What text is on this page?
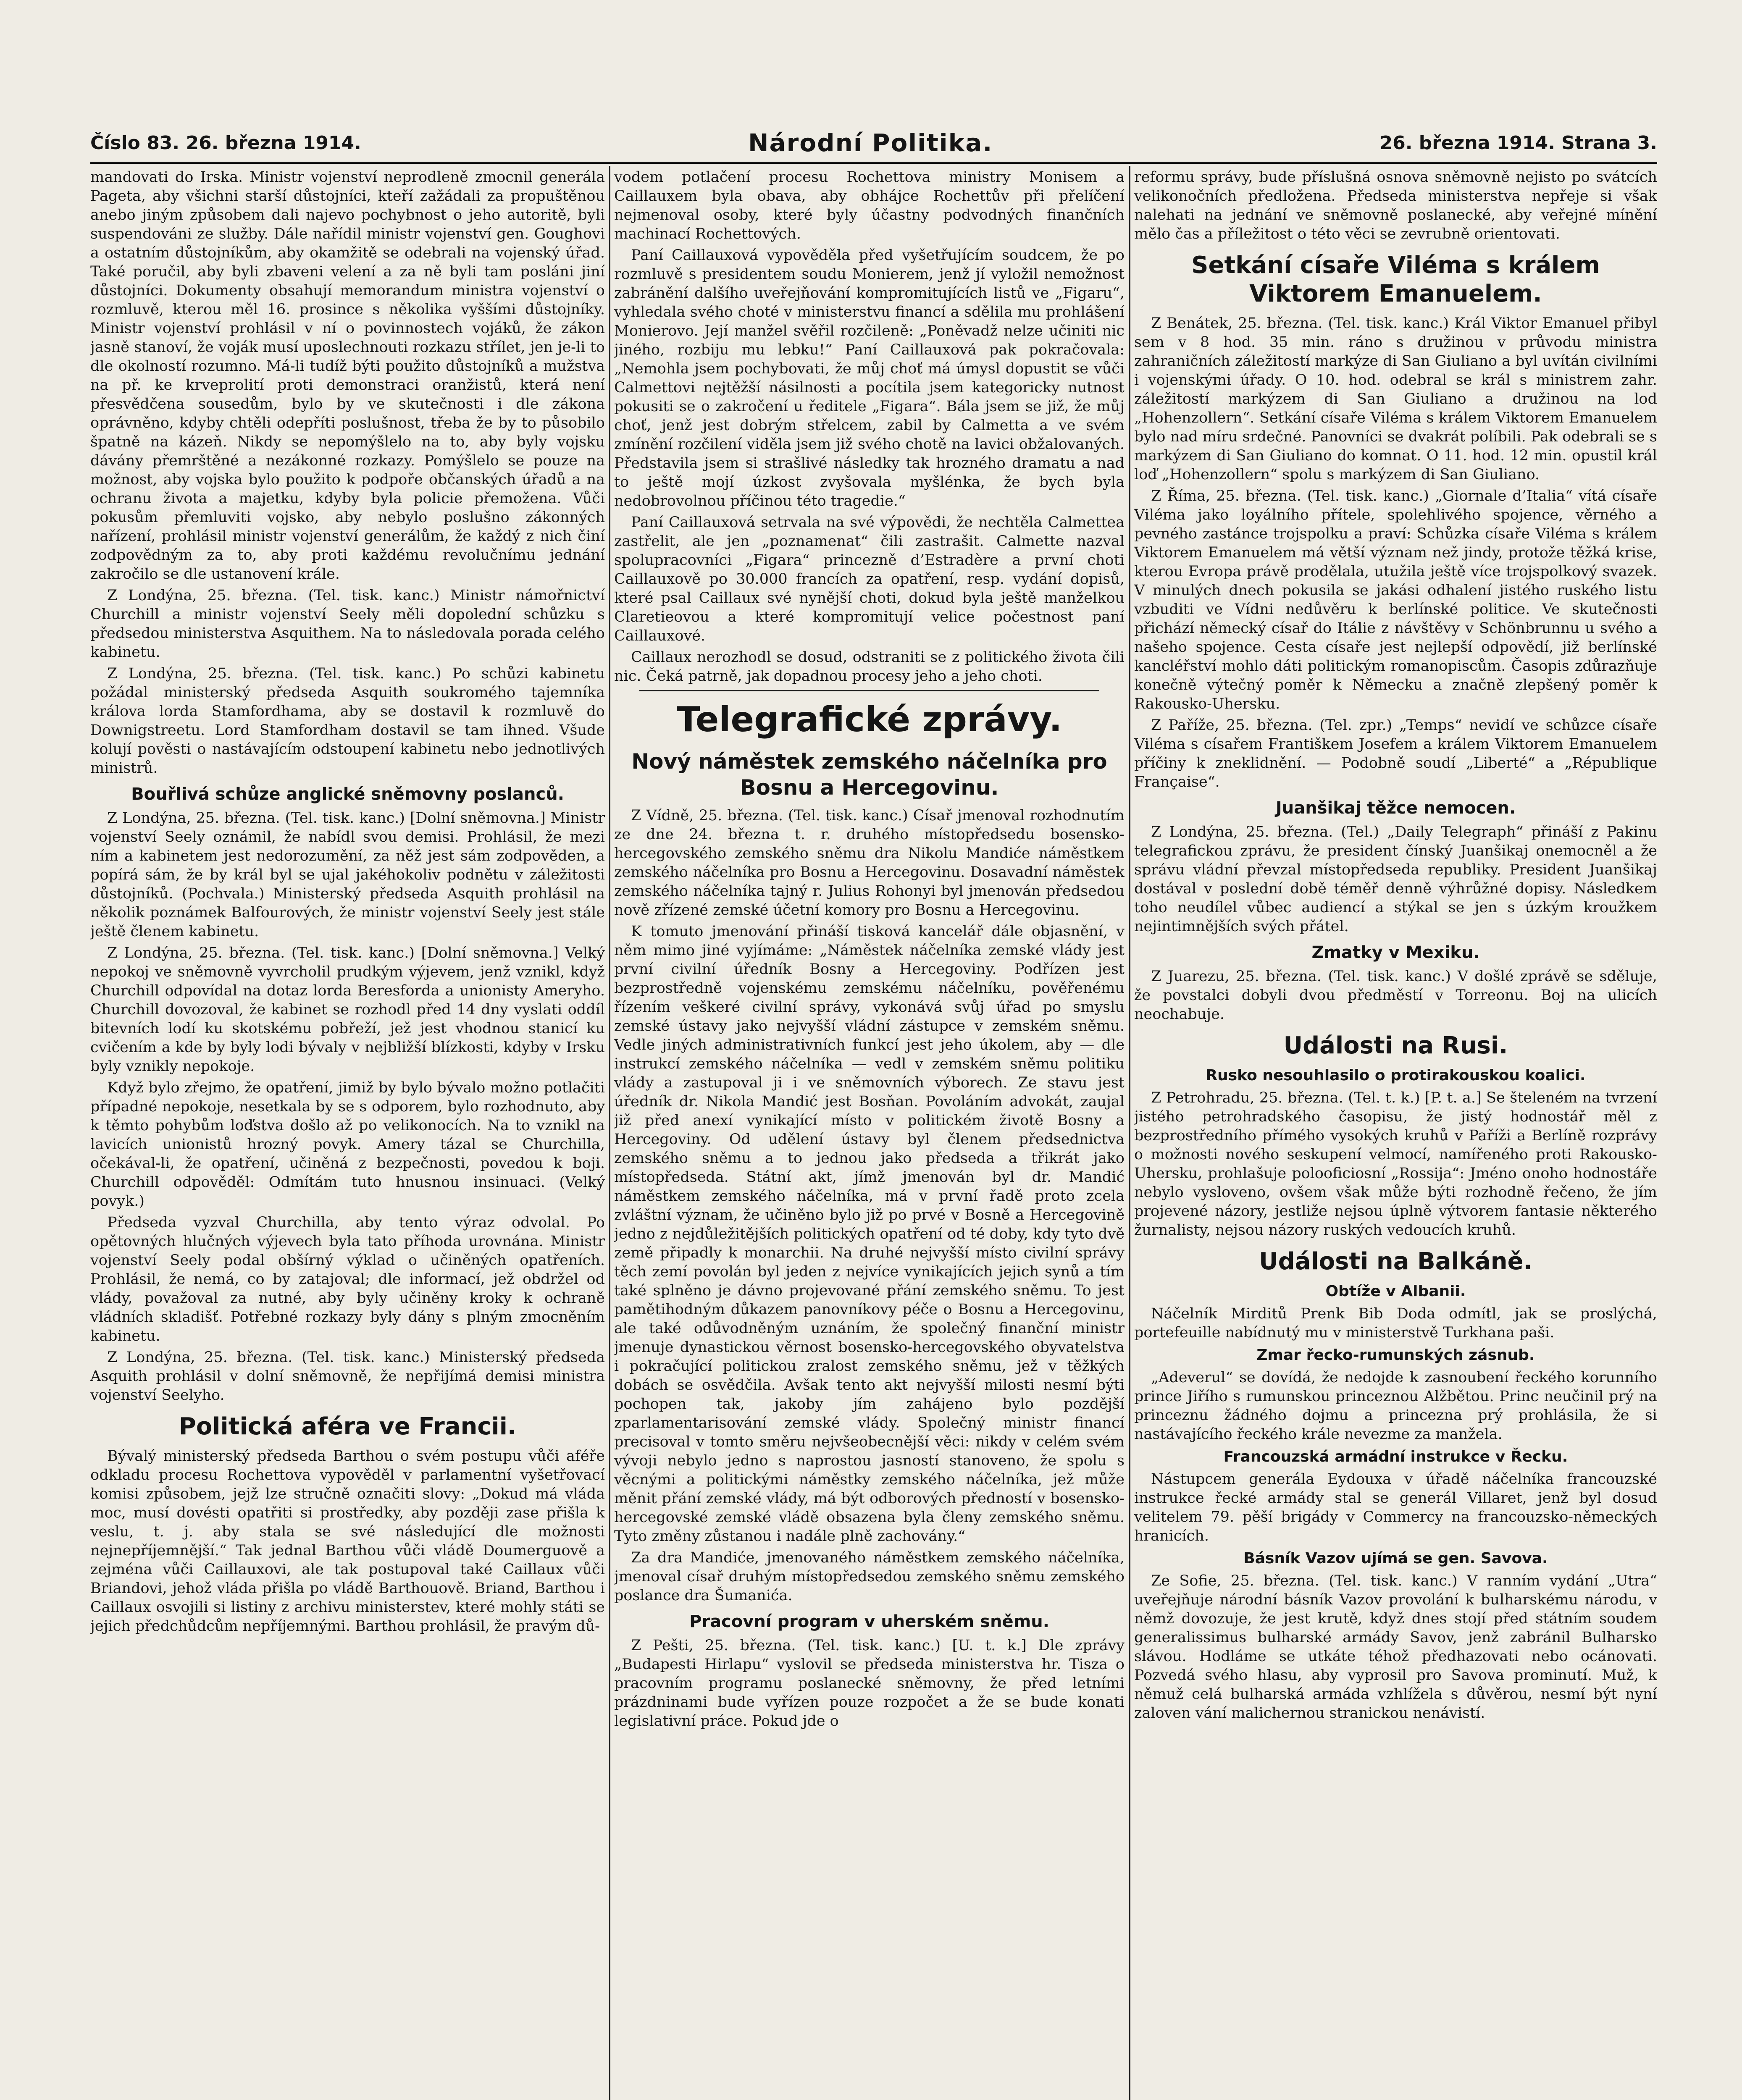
Číslo 83. 26. března 1914.	Národní Politika.	26. března 1914. Strana 3.

mandovati do Irska. Ministr vojenství neprodleně zmocnil generála Pageta, aby všichni starší důstojníci, kteří zažádali za propuštěnou anebo jiným způsobem dali najevo pochybnost o jeho autoritě, byli suspendováni ze služby. Dále nařídil ministr vojenství gen. Goughovi a ostatním důstojníkům, aby okamžitě se odebrali na vojenský úřad. Také poručil, aby byli zbaveni velení a za ně byli tam posláni jiní důstojníci. Dokumenty obsahují memorandum ministra vojenství o rozmluvě, kterou měl 16. prosince s několika vyššími důstojníky. Ministr vojenství prohlásil v ní o povinnostech vojáků, že zákon jasně stanoví, že voják musí uposlechnouti rozkazu střílet, jen je-li to dle okolností rozumno. Má-li tudíž býti použito důstojníků a mužstva na př. ke krveprolití proti demonstraci oranžistů, která není přesvědčena sousedům, bylo by ve skutečnosti i dle zákona oprávněno, kdyby chtěli odepříti poslušnost, třeba že by to působilo špatně na kázeň. Nikdy se nepomýšlelo na to, aby byly vojsku dávány přemrštěné a nezákonné rozkazy. Pomýšlelo se pouze na možnost, aby vojska bylo použito k podpoře občanských úřadů a na ochranu života a majetku, kdyby byla policie přemožena. Vůči pokusům přemluviti vojsko, aby nebylo poslušno zákonných nařízení, prohlásil ministr vojenství generálům, že každý z nich činí zodpovědným za to, aby proti každému revolučnímu jednání zakročilo se dle ustanovení krále.

Z Londýna, 25. března. (Tel. tisk. kanc.) Ministr námořnictví Churchill a ministr vojenství Seely měli dopolední schůzku s předsedou ministerstva Asquithem. Na to následovala porada celého kabinetu.

Z Londýna, 25. března. (Tel. tisk. kanc.) Po schůzi kabinetu požádal ministerský předseda Asquith soukromého tajemníka králova lorda Stamfordhama, aby se dostavil k rozmluvě do Downigstreetu. Lord Stamfordham dostavil se tam ihned. Všude kolují pověsti o nastávajícím odstoupení kabinetu nebo jednotlivých ministrů.

Bouřlivá schůze anglické sněmovny poslanců.

Z Londýna, 25. března. (Tel. tisk. kanc.) [Dolní sněmovna.] Ministr vojenství Seely oznámil, že nabídl svou demisi. Prohlásil, že mezi ním a kabinetem jest nedorozumění, za něž jest sám zodpověden, a popírá sám, že by král byl se ujal jakéhokoliv podnětu v záležitosti důstojníků. (Pochvala.) Ministerský předseda Asquith prohlásil na několik poznámek Balfourových, že ministr vojenství Seely jest stále ještě členem kabinetu.

Z Londýna, 25. března. (Tel. tisk. kanc.) [Dolní sněmovna.] Velký nepokoj ve sněmovně vyvrcholil prudkým výjevem, jenž vznikl, když Churchill odpovídal na dotaz lorda Beresforda a unionisty Ameryho. Churchill dovozoval, že kabinet se rozhodl před 14 dny vyslati oddíl bitevních lodí ku skotskému pobřeží, jež jest vhodnou stanicí ku cvičením a kde by byly lodi bývaly v nejbližší blízkosti, kdyby v Irsku byly vznikly nepokoje.

Když bylo zřejmo, že opatření, jimiž by bylo bývalo možno potlačiti případné nepokoje, nesetkala by se s odporem, bylo rozhodnuto, aby k těmto pohybům loďstva došlo až po velikonocích. Na to vznikl na lavicích unionistů hrozný povyk. Amery tázal se Churchilla, očekával-li, že opatření, učiněná z bezpečnosti, povedou k boji. Churchill odpověděl: Odmítám tuto hnusnou insinuaci. (Velký povyk.)

Předseda vyzval Churchilla, aby tento výraz odvolal. Po opětovných hlučných výjevech byla tato příhoda urovnána. Ministr vojenství Seely podal obšírný výklad o učiněných opatřeních. Prohlásil, že nemá, co by zatajoval; dle informací, jež obdržel od vlády, považoval za nutné, aby byly učiněny kroky k ochraně vládních skladišť. Potřebné rozkazy byly dány s plným zmocněním kabinetu.

Z Londýna, 25. března. (Tel. tisk. kanc.) Ministerský předseda Asquith prohlásil v dolní sněmovně, že nepřijímá demisi ministra vojenství Seelyho.

Politická aféra ve Francii.

Bývalý ministerský předseda Barthou o svém postupu vůči aféře odkladu procesu Rochettova vypověděl v parlamentní vyšetřovací komisi způsobem, jejž lze stručně označiti slovy: „Dokud má vláda moc, musí dovésti opatřiti si prostředky, aby později zase přišla k veslu, t. j. aby stala se své následující dle možnosti nejnepříjemnější.“ Tak jednal Barthou vůči vládě Doumerguově a zejména vůči Caillauxovi, ale tak postupoval také Caillaux vůči Briandovi, jehož vláda přišla po vládě Barthouově. Briand, Barthou i Caillaux osvojili si listiny z archivu ministerstev, které mohly státi se jejich předchůdcům nepříjemnými. Barthou prohlásil, že pravým dů-

vodem potlačení procesu Rochettova ministry Monisem a Caillauxem byla obava, aby obhájce Rochettův při přelíčení nejmenoval osoby, které byly účastny podvodných finančních machinací Rochettových.

Paní Caillauxová vypověděla před vyšetřujícím soudcem, že po rozmluvě s presidentem soudu Monierem, jenž jí vyložil nemožnost zabránění dalšího uveřejňování kompromitujících listů ve „Figaru“, vyhledala svého choté v ministerstvu financí a sdělila mu prohlášení Monierovo. Její manžel svěřil rozčileně: „Poněvadž nelze učiniti nic jiného, rozbiju mu lebku!“ Paní Caillauxová pak pokračovala: „Nemohla jsem pochybovati, že můj choť má úmysl dopustit se vůči Calmettovi nejtěžší násilnosti a pocítila jsem kategoricky nutnost pokusiti se o zakročení u ředitele „Figara“. Bála jsem se již, že můj choť, jenž jest dobrým střelcem, zabil by Calmetta a ve svém zmínění rozčilení viděla jsem již svého chotě na lavici obžalovaných. Představila jsem si strašlivé následky tak hrozného dramatu a nad to ještě mojí úzkost zvyšovala myšlénka, že bych byla nedobrovolnou příčinou této tragedie.“

Paní Caillauxová setrvala na své výpovědi, že nechtěla Calmettea zastřelit, ale jen „poznamenat“ čili zastrašit. Calmette nazval spolupracovníci „Figara“ princezně d’Estradère a první choti Caillauxově po 30.000 francích za opatření, resp. vydání dopisů, které psal Caillaux své nynější choti, dokud byla ještě manželkou Claretieovou a které kompromitují velice počestnost paní Caillauxové.

Caillaux nerozhodl se dosud, odstraniti se z politického života čili nic. Čeká patrně, jak dopadnou procesy jeho a jeho choti.

Telegrafické zprávy.
Nový náměstek zemského náčelníka pro Bosnu a Hercegovinu.

Z Vídně, 25. března. (Tel. tisk. kanc.) Císař jmenoval rozhodnutím ze dne 24. března t. r. druhého místopředsedu bosensko-hercegovského zemského sněmu dra Nikolu Mandiće náměstkem zemského náčelníka pro Bosnu a Hercegovinu. Dosavadní náměstek zemského náčelníka tajný r. Julius Rohonyi byl jmenován předsedou nově zřízené zemské účetní komory pro Bosnu a Hercegovinu.

K tomuto jmenování přináší tisková kancelář dále objasnění, v něm mimo jiné vyjímáme: „Náměstek náčelníka zemské vlády jest první civilní úředník Bosny a Hercegoviny. Podřízen jest bezprostředně vojenskému zemskému náčelníku, pověřenému řízením veškeré civilní správy, vykonává svůj úřad po smyslu zemské ústavy jako nejvyšší vládní zástupce v zemském sněmu. Vedle jiných administrativních funkcí jest jeho úkolem, aby — dle instrukcí zemského náčelníka — vedl v zemském sněmu politiku vlády a zastupoval ji i ve sněmovních výborech. Ze stavu jest úředník dr. Nikola Mandić jest Bosňan. Povoláním advokát, zaujal již před anexí vynikající místo v politickém životě Bosny a Hercegoviny. Od udělení ústavy byl členem předsednictva zemského sněmu a to jednou jako předseda a třikrát jako místopředseda. Státní akt, jímž jmenován byl dr. Mandić náměstkem zemského náčelníka, má v první řadě proto zcela zvláštní význam, že učiněno bylo již po prvé v Bosně a Hercegovině jedno z nejdůležitějších politických opatření od té doby, kdy tyto dvě země připadly k monarchii. Na druhé nejvyšší místo civilní správy těch zemí povolán byl jeden z nejvíce vynikajících jejich synů a tím také splněno je dávno projevované přání zemského sněmu. To jest pamětihodným důkazem panovníkovy péče o Bosnu a Hercegovinu, ale také odůvodněným uznáním, že společný finanční ministr jmenuje dynastickou věrnost bosensko-hercegovského obyvatelstva i pokračující politickou zralost zemského sněmu, jež v těžkých dobách se osvědčila. Avšak tento akt nejvyšší milosti nesmí býti pochopen tak, jakoby jím zahájeno bylo pozdější zparlamentarisování zemské vlády. Společný ministr financí precisoval v tomto směru nejvšeobecnější věci: nikdy v celém svém vývoji nebylo jedno s naprostou jasností stanoveno, že spolu s věcnými a politickými náměstky zemského náčelníka, jež může měnit přání zemské vlády, má být odborových předností v bosensko-hercegovské zemské vládě obsazena byla členy zemského sněmu. Tyto změny zůstanou i nadále plně zachovány.“

Za dra Mandiće, jmenovaného náměstkem zemského náčelníka, jmenoval císař druhým místopředsedou zemského sněmu zemského poslance dra Šumanića.

Pracovní program v uherském sněmu.

Z Pešti, 25. března. (Tel. tisk. kanc.) [U. t. k.] Dle zprávy „Budapesti Hirlapu“ vyslovil se předseda ministerstva hr. Tisza o pracovním programu poslanecké sněmovny, že před letními prázdninami bude vyřízen pouze rozpočet a že se bude konati legislativní práce. Pokud jde o

reformu správy, bude příslušná osnova sněmovně nejisto po svátcích velikonočních předložena. Předseda ministerstva nepřeje si však nalehati na jednání ve sněmovně poslanecké, aby veřejné mínění mělo čas a příležitost o této věci se zevrubně orientovati.

Setkání císaře Viléma s králem Viktorem Emanuelem.

Z Benátek, 25. března. (Tel. tisk. kanc.) Král Viktor Emanuel přibyl sem v 8 hod. 35 min. ráno s družinou v průvodu ministra zahraničních záležitostí markýze di San Giuliano a byl uvítán civilními i vojenskými úřady. O 10. hod. odebral se král s ministrem zahr. záležitostí markýzem di San Giuliano a družinou na loď „Hohenzollern“. Setkání císaře Viléma s králem Viktorem Emanuelem bylo nad míru srdečné. Panovníci se dvakrát políbili. Pak odebrali se s markýzem di San Giuliano do komnat. O 11. hod. 12 min. opustil král loď „Hohenzollern“ spolu s markýzem di San Giuliano.

Z Říma, 25. března. (Tel. tisk. kanc.) „Giornale d’Italia“ vítá císaře Viléma jako loyálního přítele, spolehlivého spojence, věrného a pevného zastánce trojspolku a praví: Schůzka císaře Viléma s králem Viktorem Emanuelem má větší význam než jindy, protože těžká krise, kterou Evropa právě prodělala, utužila ještě více trojspolkový svazek. V minulých dnech pokusila se jakási odhalení jistého ruského listu vzbuditi ve Vídni nedůvěru k berlínské politice. Ve skutečnosti přichází německý císař do Itálie z návštěvy v Schönbrunnu u svého a našeho spojence. Cesta císaře jest nejlepší odpovědí, již berlínské kancléřství mohlo dáti politickým romanopiscům. Časopis zdůrazňuje konečně výtečný poměr k Německu a značně zlepšený poměr k Rakousko-Uhersku.

Z Paříže, 25. března. (Tel. zpr.) „Temps“ nevidí ve schůzce císaře Viléma s císařem Františkem Josefem a králem Viktorem Emanuelem příčiny k zneklidnění. — Podobně soudí „Liberté“ a „République Française“.

Juanšikaj těžce nemocen.

Z Londýna, 25. března. (Tel.) „Daily Telegraph“ přináší z Pakinu telegrafickou zprávu, že president čínský Juanšikaj onemocněl a že správu vládní převzal místopředseda republiky. President Juanšikaj dostával v poslední době téměř denně výhrůžné dopisy. Následkem toho neudílel vůbec audiencí a stýkal se jen s úzkým kroužkem nejintimnějších svých přátel.

Zmatky v Mexiku.

Z Juarezu, 25. března. (Tel. tisk. kanc.) V došlé zprávě se sděluje, že povstalci dobyli dvou předměstí v Torreonu. Boj na ulicích neochabuje.

Události na Rusi.
Rusko nesouhlasilo o protirakouskou koalici.

Z Petrohradu, 25. března. (Tel. t. k.) [P. t. a.] Se šteleném na tvrzení jistého petrohradského časopisu, že jistý hodnostář měl z bezprostředního přímého vysokých kruhů v Paříži a Berlíně rozprávy o možnosti nového seskupení velmocí, namířeného proti Rakousko-Uhersku, prohlašuje polooficiosní „Rossija“: Jméno onoho hodnostáře nebylo vysloveno, ovšem však může býti rozhodně řečeno, že jím projevené názory, jestliže nejsou úplně výtvorem fantasie některého žurnalisty, nejsou názory ruských vedoucích kruhů.

Události na Balkáně.
Obtíže v Albanii.

Náčelník Mirditů Prenk Bib Doda odmítl, jak se proslýchá, portefeuille nabídnutý mu v ministerstvě Turkhana paši.

Zmar řecko-rumunských zásnub.

„Adeverul“ se dovídá, že nedojde k zasnoubení řeckého korunního prince Jiřího s rumunskou princeznou Alžbětou. Princ neučinil prý na princeznu žádného dojmu a princezna prý prohlásila, že si nastávajícího řeckého krále nevezme za manžela.

Francouzská armádní instrukce v Řecku.

Nástupcem generála Eydouxa v úřadě náčelníka francouzské instrukce řecké armády stal se generál Villaret, jenž byl dosud velitelem 79. pěší brigády v Commercy na francouzsko-německých hranicích.

Básník Vazov ujímá se gen. Savova.

Ze Sofie, 25. března. (Tel. tisk. kanc.) V ranním vydání „Utra“ uveřejňuje národní básník Vazov provolání k bulharskému národu, v němž dovozuje, že jest krutě, když dnes stojí před státním soudem generalissimus bulharské armády Savov, jenž zabránil Bulharsko slávou. Hodláme se utkáte téhož předhazovati nebo ocánovati. Pozvedá svého hlasu, aby vyprosil pro Savova prominutí. Muž, k němuž celá bulharská armáda vzhlížela s důvěrou, nesmí být nyní zaloven vání malichernou stranickou nenávistí.
